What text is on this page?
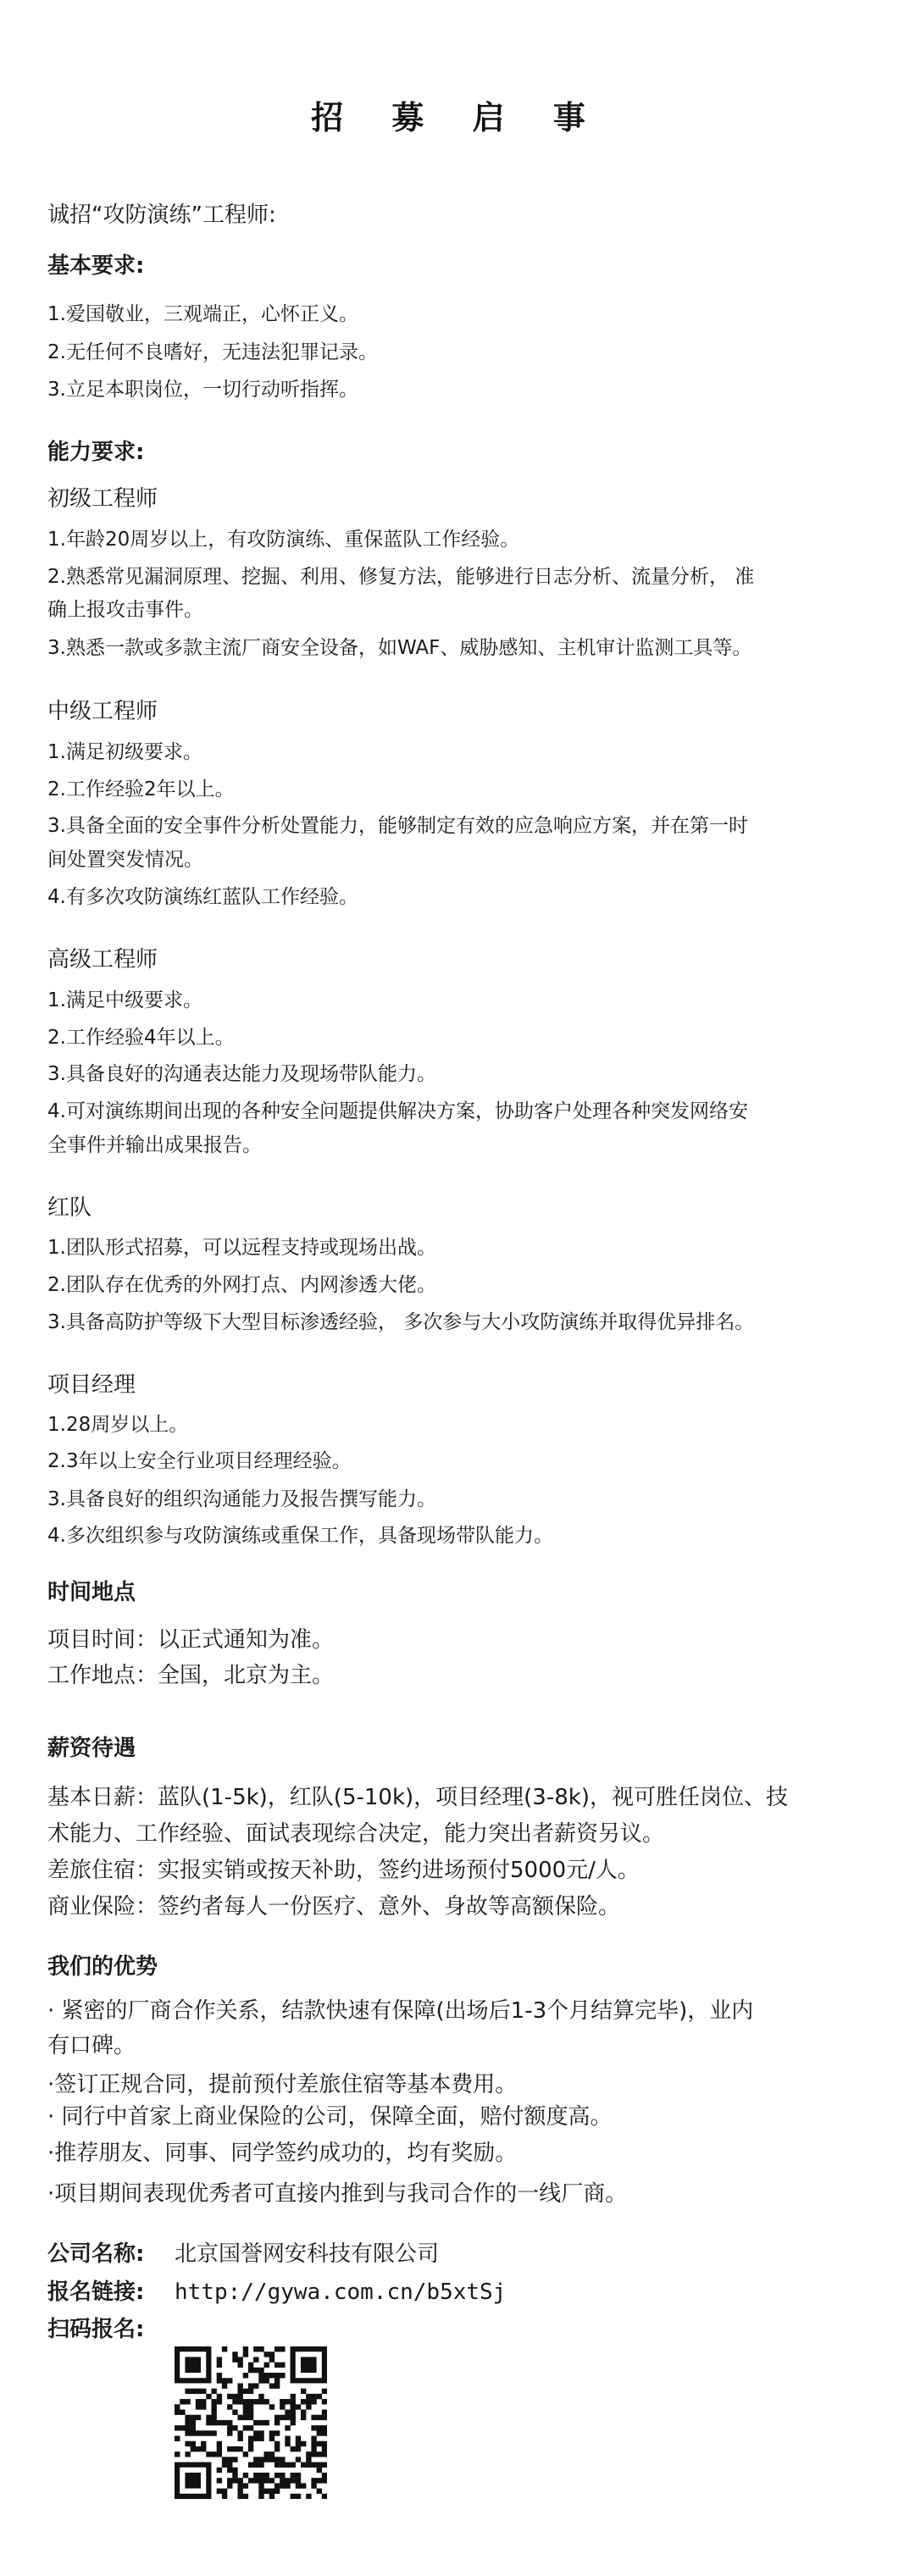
招 募 启 事
诚招“攻防演练”工程师:
基本要求:
1.爱国敬业，三观端正，心怀正义。
2.无任何不良嗜好，无违法犯罪记录。
3.立足本职岗位，一切行动听指挥。
能力要求:
初级工程师
1.年龄20周岁以上，有攻防演练、重保蓝队工作经验。
2.熟悉常见漏洞原理、挖掘、利用、修复方法，能够进行日志分析、流量分析， 准
确上报攻击事件。
3.熟悉一款或多款主流厂商安全设备，如WAF、威胁感知、主机审计监测工具等。
中级工程师
1.满足初级要求。
2.工作经验2年以上。
3.具备全面的安全事件分析处置能力，能够制定有效的应急响应方案，并在第一时
间处置突发情况。
4.有多次攻防演练红蓝队工作经验。
高级工程师
1.满足中级要求。
2.工作经验4年以上。
3.具备良好的沟通表达能力及现场带队能力。
4.可对演练期间出现的各种安全问题提供解决方案，协助客户处理各种突发网络安
全事件并输出成果报告。
红队
1.团队形式招募，可以远程支持或现场出战。
2.团队存在优秀的外网打点、内网渗透大佬。
3.具备高防护等级下大型目标渗透经验， 多次参与大小攻防演练并取得优异排名。
项目经理
1.28周岁以上。
2.3年以上安全行业项目经理经验。
3.具备良好的组织沟通能力及报告撰写能力。
4.多次组织参与攻防演练或重保工作，具备现场带队能力。
时间地点
项目时间：以正式通知为准。
工作地点：全国，北京为主。
薪资待遇
基本日薪：蓝队(1-5k)，红队(5-10k)，项目经理(3-8k)，视可胜任岗位、技
术能力、工作经验、面试表现综合决定，能力突出者薪资另议。
差旅住宿：实报实销或按天补助，签约进场预付5000元/人。
商业保险：签约者每人一份医疗、意外、身故等高额保险。
我们的优势
· 紧密的厂商合作关系，结款快速有保障(出场后1-3个月结算完毕)，业内
有口碑。
·签订正规合同，提前预付差旅住宿等基本费用。
· 同行中首家上商业保险的公司，保障全面，赔付额度高。
·推荐朋友、同事、同学签约成功的，均有奖励。
·项目期间表现优秀者可直接内推到与我司合作的一线厂商。
公司名称: 北京国誉网安科技有限公司
报名链接: http://gywa.com.cn/b5xtSj
扫码报名:
